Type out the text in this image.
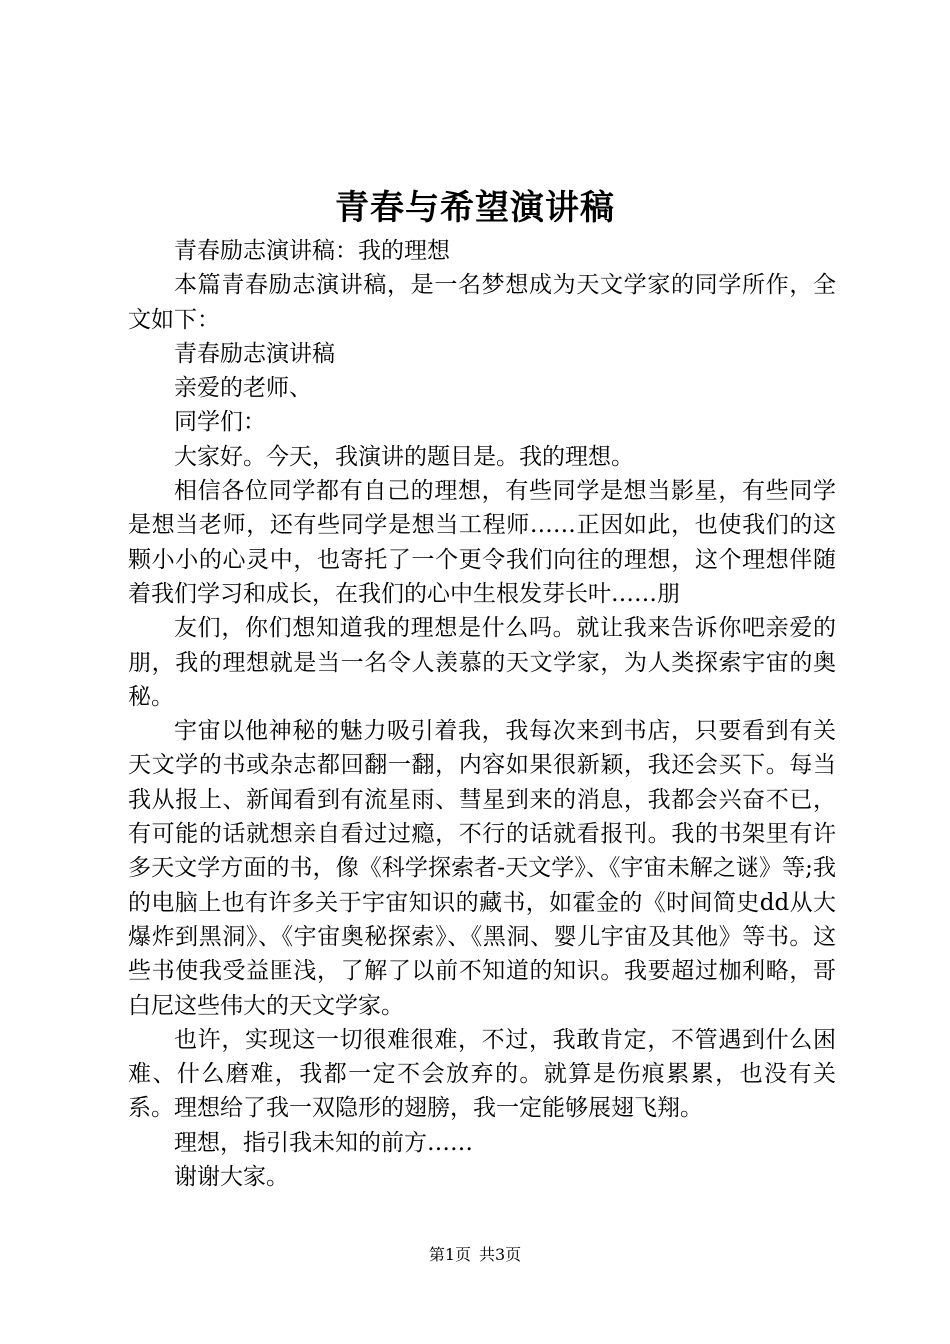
青春与希望演讲稿

青春励志演讲稿：我的理想

本篇青春励志演讲稿，是一名梦想成为天文学家的同学所作，全文如下：

青春励志演讲稿

亲爱的老师、

同学们：

大家好。今天，我演讲的题目是。我的理想。

相信各位同学都有自己的理想，有些同学是想当影星，有些同学是想当老师，还有些同学是想当工程师……正因如此，也使我们的这颗小小的心灵中，也寄托了一个更令我们向往的理想，这个理想伴随着我们学习和成长，在我们的心中生根发芽长叶……朋

友们，你们想知道我的理想是什么吗。就让我来告诉你吧亲爱的朋，我的理想就是当一名令人羡慕的天文学家，为人类探索宇宙的奥秘。

宇宙以他神秘的魅力吸引着我，我每次来到书店，只要看到有关天文学的书或杂志都回翻一翻，内容如果很新颖，我还会买下。每当我从报上、新闻看到有流星雨、彗星到来的消息，我都会兴奋不已，有可能的话就想亲自看过过瘾，不行的话就看报刊。我的书架里有许多天文学方面的书，像《科学探索者-天文学》、《宇宙未解之谜》等;我的电脑上也有许多关于宇宙知识的藏书，如霍金的《时间简史dd从大爆炸到黑洞》、《宇宙奥秘探索》、《黑洞、婴儿宇宙及其他》等书。这些书使我受益匪浅，了解了以前不知道的知识。我要超过枷利略，哥白尼这些伟大的天文学家。

也许，实现这一切很难很难，不过，我敢肯定，不管遇到什么困难、什么磨难，我都一定不会放弃的。就算是伤痕累累，也没有关系。理想给了我一双隐形的翅膀，我一定能够展翅飞翔。

理想，指引我未知的前方……

谢谢大家。

第1页 共3页
